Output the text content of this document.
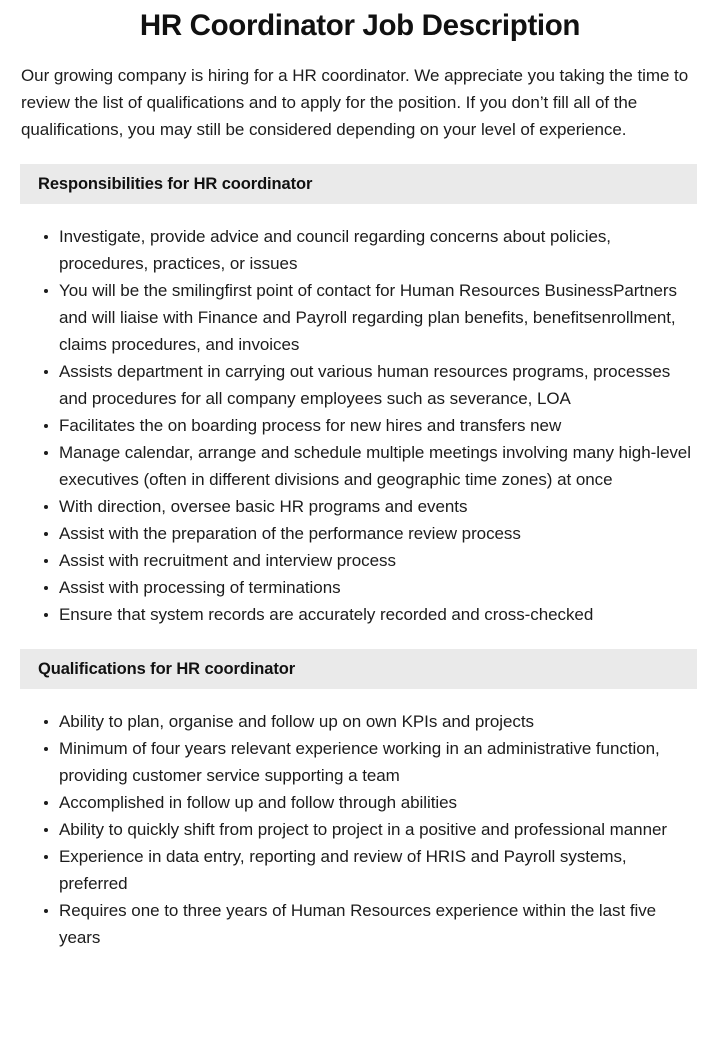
HR Coordinator Job Description

Our growing company is hiring for a HR coordinator. We appreciate you taking the time to review the list of qualifications and to apply for the position. If you don’t fill all of the qualifications, you may still be considered depending on your level of experience.

Responsibilities for HR coordinator
Investigate, provide advice and council regarding concerns about policies, procedures, practices, or issues
You will be the smilingfirst point of contact for Human Resources BusinessPartners and will liaise with Finance and Payroll regarding plan benefits, benefitsenrollment, claims procedures, and invoices
Assists department in carrying out various human resources programs, processes and procedures for all company employees such as severance, LOA
Facilitates the on boarding process for new hires and transfers new
Manage calendar, arrange and schedule multiple meetings involving many high-level executives (often in different divisions and geographic time zones) at once
With direction, oversee basic HR programs and events
Assist with the preparation of the performance review process
Assist with recruitment and interview process
Assist with processing of terminations
Ensure that system records are accurately recorded and cross-checked
Qualifications for HR coordinator
Ability to plan, organise and follow up on own KPIs and projects
Minimum of four years relevant experience working in an administrative function, providing customer service supporting a team
Accomplished in follow up and follow through abilities
Ability to quickly shift from project to project in a positive and professional manner
Experience in data entry, reporting and review of HRIS and Payroll systems, preferred
Requires one to three years of Human Resources experience within the last five years
